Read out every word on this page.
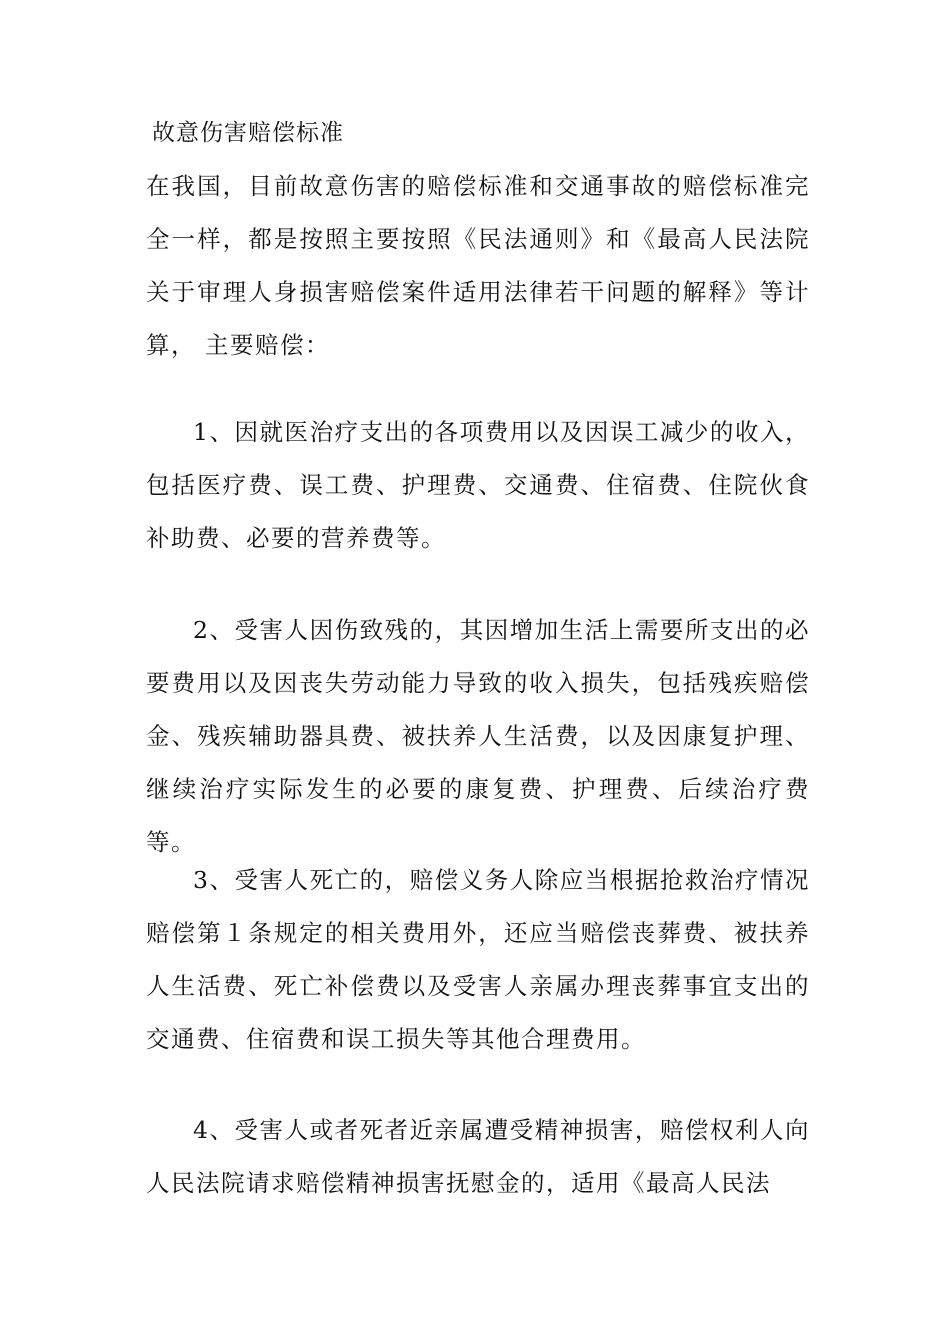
故意伤害赔偿标准

在我国，目前故意伤害的赔偿标准和交通事故的赔偿标准完全一样，都是按照主要按照《民法通则》和《最高人民法院关于审理人身损害赔偿案件适用法律若干问题的解释》等计算， 主要赔偿：

1、因就医治疗支出的各项费用以及因误工减少的收入，包括医疗费、误工费、护理费、交通费、住宿费、住院伙食补助费、必要的营养费等。

2、受害人因伤致残的，其因增加生活上需要所支出的必要费用以及因丧失劳动能力导致的收入损失，包括残疾赔偿金、残疾辅助器具费、被扶养人生活费，以及因康复护理、继续治疗实际发生的必要的康复费、护理费、后续治疗费等。

3、受害人死亡的，赔偿义务人除应当根据抢救治疗情况赔偿第１条规定的相关费用外，还应当赔偿丧葬费、被扶养人生活费、死亡补偿费以及受害人亲属办理丧葬事宜支出的交通费、住宿费和误工损失等其他合理费用。

4、受害人或者死者近亲属遭受精神损害，赔偿权利人向人民法院请求赔偿精神损害抚慰金的，适用《最高人民法
